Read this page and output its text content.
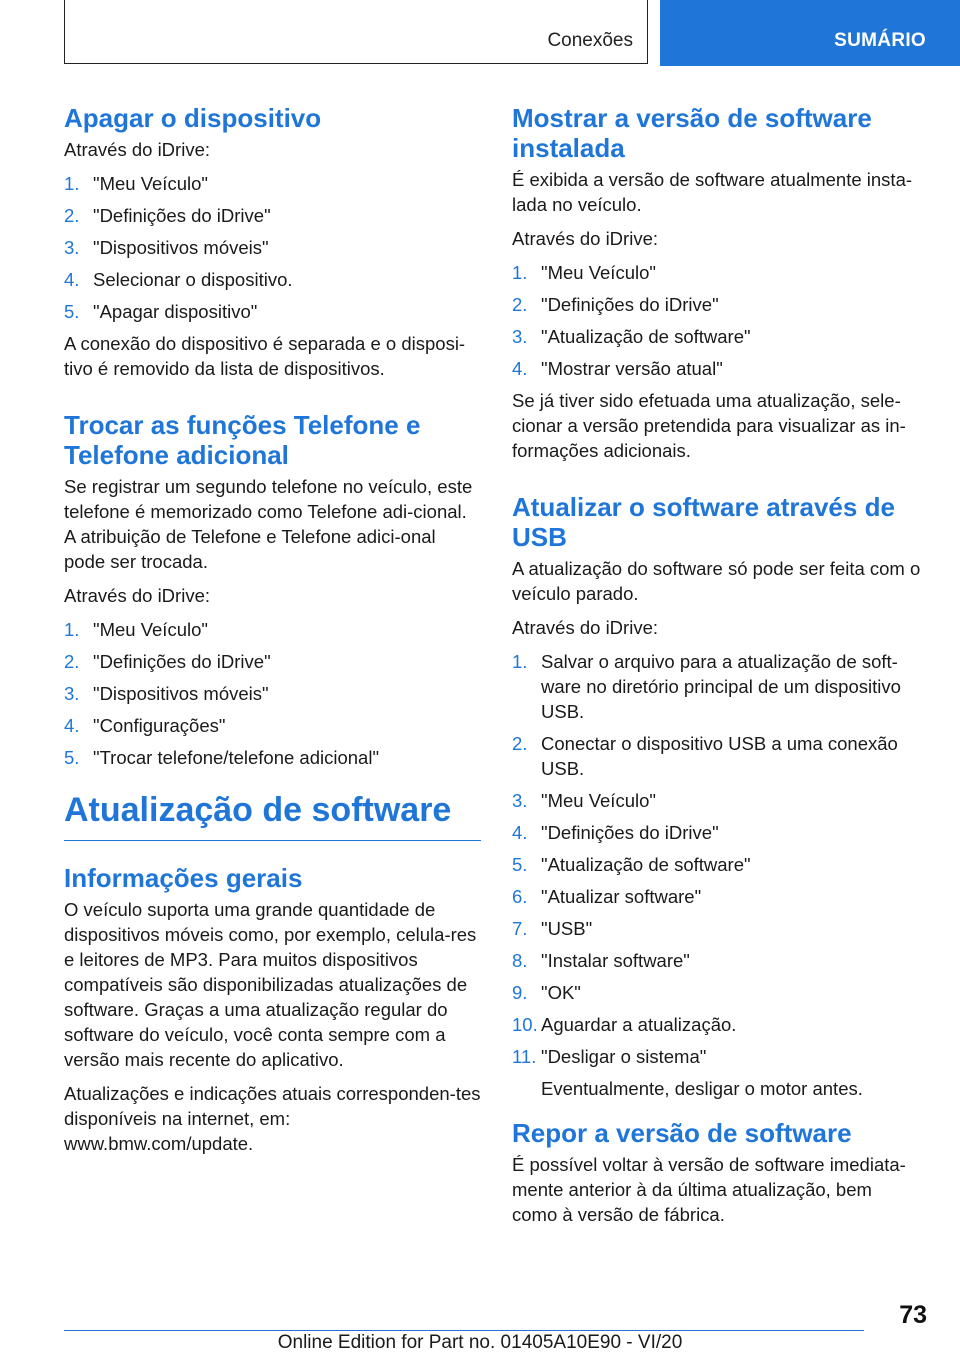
Conexões	SUMÁRIO
Apagar o dispositivo

Através do iDrive:

1. "Meu Veículo"
2. "Definições do iDrive"
3. "Dispositivos móveis"
4. Selecionar o dispositivo.
5. "Apagar dispositivo"

A conexão do dispositivo é separada e o disposi-tivo é removido da lista de dispositivos.

Trocar as funções Telefone e Telefone adicional

Se registrar um segundo telefone no veículo, este telefone é memorizado como Telefone adi-cional. A atribuição de Telefone e Telefone adici-onal pode ser trocada.

Através do iDrive:

1. "Meu Veículo"
2. "Definições do iDrive"
3. "Dispositivos móveis"
4. "Configurações"
5. "Trocar telefone/telefone adicional"
Atualização de software
Informações gerais

O veículo suporta uma grande quantidade de dispositivos móveis como, por exemplo, celula-res e leitores de MP3. Para muitos dispositivos compatíveis são disponibilizadas atualizações de software. Graças a uma atualização regular do software do veículo, você conta sempre com a versão mais recente do aplicativo.

Atualizações e indicações atuais corresponden-tes disponíveis na internet, em: www.bmw.com/update.

Mostrar a versão de software instalada

É exibida a versão de software atualmente insta-lada no veículo.

Através do iDrive:

1. "Meu Veículo"
2. "Definições do iDrive"
3. "Atualização de software"
4. "Mostrar versão atual"

Se já tiver sido efetuada uma atualização, sele-cionar a versão pretendida para visualizar as in-formações adicionais.

Atualizar o software através de USB

A atualização do software só pode ser feita com o veículo parado.

Através do iDrive:

1. Salvar o arquivo para a atualização de soft-ware no diretório principal de um dispositivo USB.
2. Conectar o dispositivo USB a uma conexão USB.
3. "Meu Veículo"
4. "Definições do iDrive"
5. "Atualização de software"
6. "Atualizar software"
7. "USB"
8. "Instalar software"
9. "OK"
10. Aguardar a atualização.
11. "Desligar o sistema"
Eventualmente, desligar o motor antes.
Repor a versão de software

É possível voltar à versão de software imediata-mente anterior à da última atualização, bem como à versão de fábrica.

73
Online Edition for Part no. 01405A10E90 - VI/20
